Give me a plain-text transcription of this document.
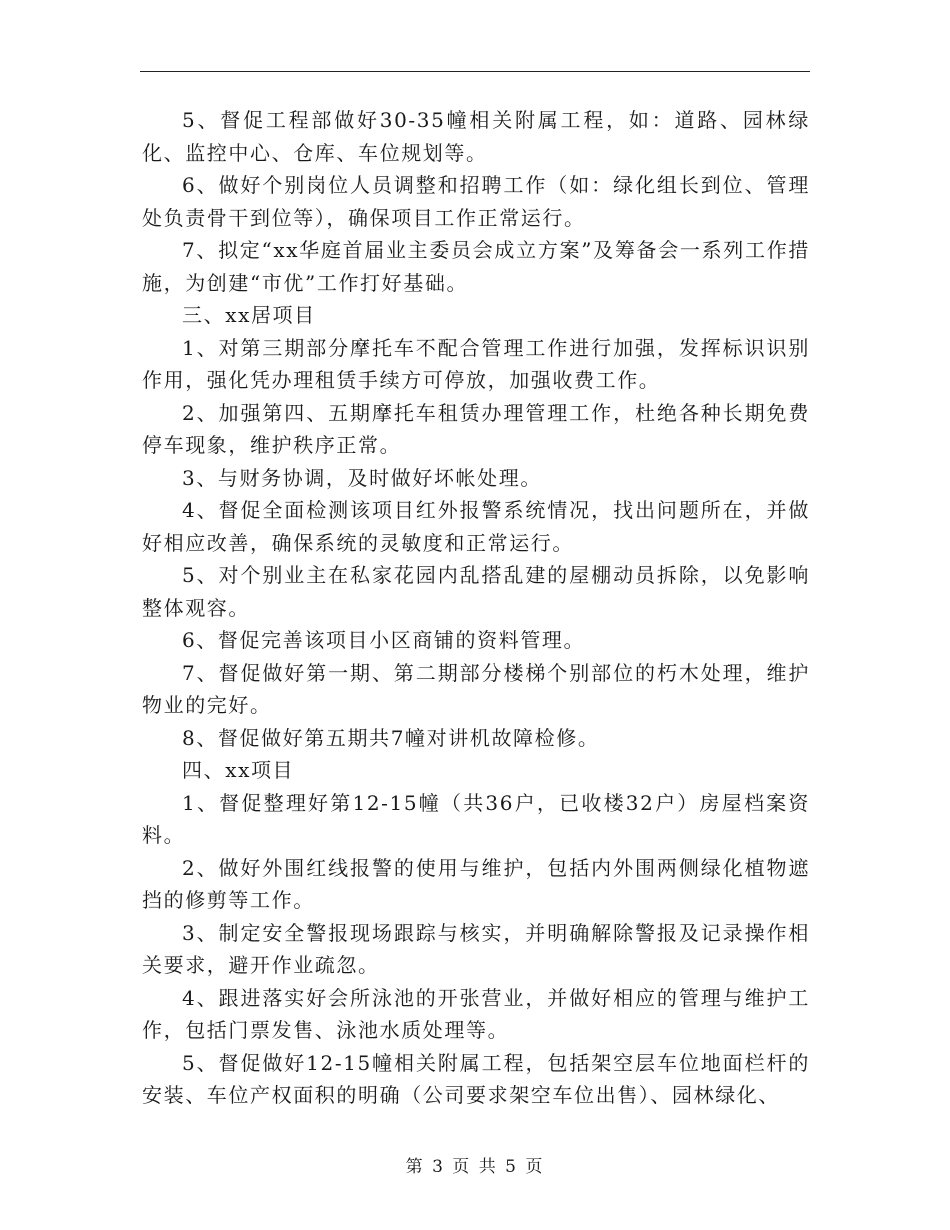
5、督促工程部做好30-35幢相关附属工程，如：道路、园林绿化、监控中心、仓库、车位规划等。

6、做好个别岗位人员调整和招聘工作（如：绿化组长到位、管理处负责骨干到位等），确保项目工作正常运行。

7、拟定“xx华庭首届业主委员会成立方案”及筹备会一系列工作措施，为创建“市优”工作打好基础。

三、xx居项目

1、对第三期部分摩托车不配合管理工作进行加强，发挥标识识别作用，强化凭办理租赁手续方可停放，加强收费工作。

2、加强第四、五期摩托车租赁办理管理工作，杜绝各种长期免费停车现象，维护秩序正常。

3、与财务协调，及时做好坏帐处理。

4、督促全面检测该项目红外报警系统情况，找出问题所在，并做好相应改善，确保系统的灵敏度和正常运行。

5、对个别业主在私家花园内乱搭乱建的屋棚动员拆除，以免影响整体观容。

6、督促完善该项目小区商铺的资料管理。

7、督促做好第一期、第二期部分楼梯个别部位的朽木处理，维护物业的完好。

8、督促做好第五期共7幢对讲机故障检修。

四、xx项目

1、督促整理好第12-15幢（共36户，已收楼32户）房屋档案资料。

2、做好外围红线报警的使用与维护，包括内外围两侧绿化植物遮挡的修剪等工作。

3、制定安全警报现场跟踪与核实，并明确解除警报及记录操作相关要求，避开作业疏忽。

4、跟进落实好会所泳池的开张营业，并做好相应的管理与维护工作，包括门票发售、泳池水质处理等。

5、督促做好12-15幢相关附属工程，包括架空层车位地面栏杆的安装、车位产权面积的明确（公司要求架空车位出售）、园林绿化、

第 3 页 共 5 页
